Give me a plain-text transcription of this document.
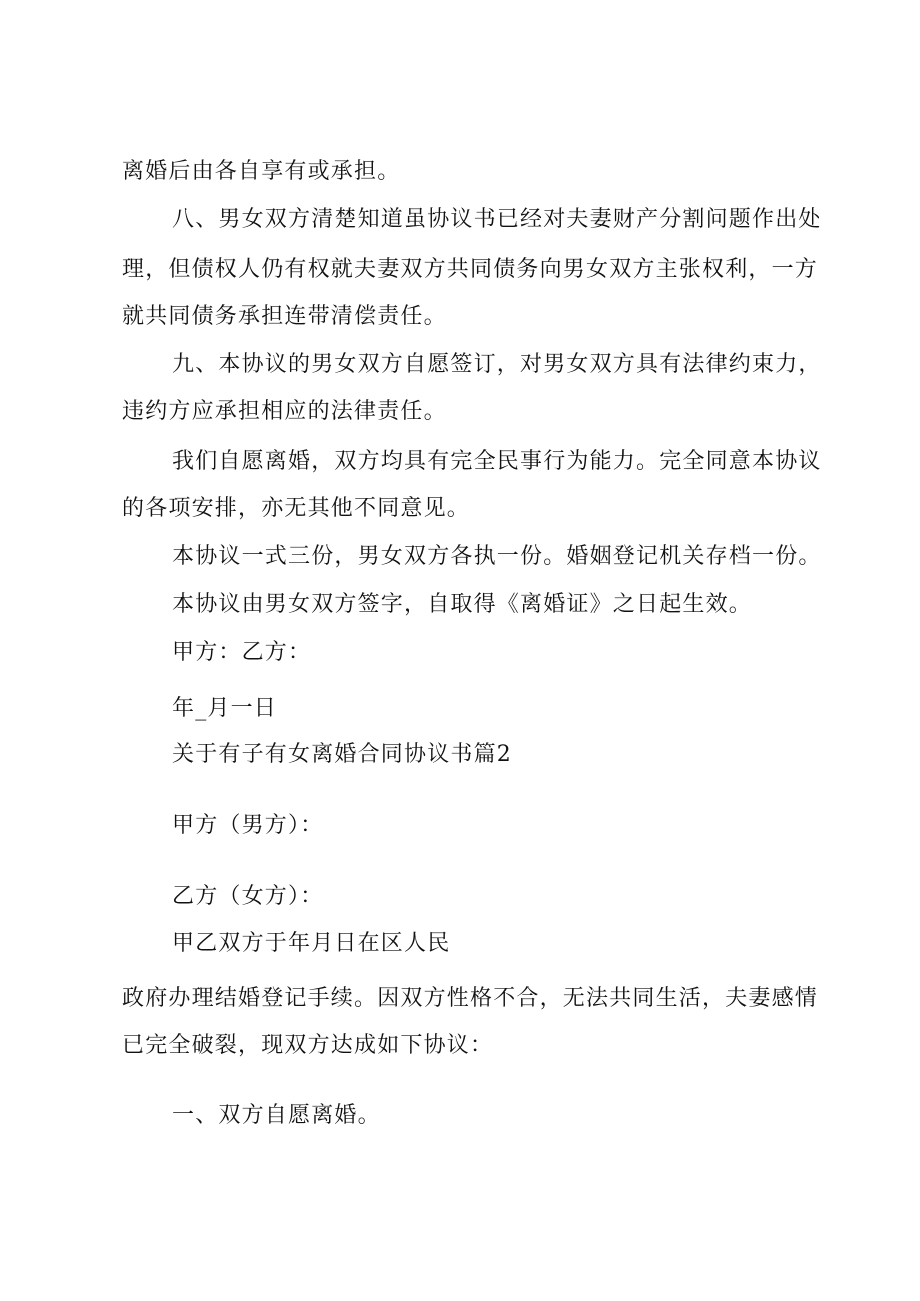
离婚后由各自享有或承担。
八、男女双方清楚知道虽协议书已经对夫妻财产分割问题作出处
理，但债权人仍有权就夫妻双方共同债务向男女双方主张权利，一方
就共同债务承担连带清偿责任。
九、本协议的男女双方自愿签订，对男女双方具有法律约束力，
违约方应承担相应的法律责任。
我们自愿离婚，双方均具有完全民事行为能力。完全同意本协议
的各项安排，亦无其他不同意见。
本协议一式三份，男女双方各执一份。婚姻登记机关存档一份。
本协议由男女双方签字，自取得《离婚证》之日起生效。
甲方：乙方：
年_月一日
关于有子有女离婚合同协议书篇2
甲方（男方）：
乙方（女方）：
甲乙双方于年月日在区人民
政府办理结婚登记手续。因双方性格不合，无法共同生活，夫妻感情
已完全破裂，现双方达成如下协议：
一、双方自愿离婚。
